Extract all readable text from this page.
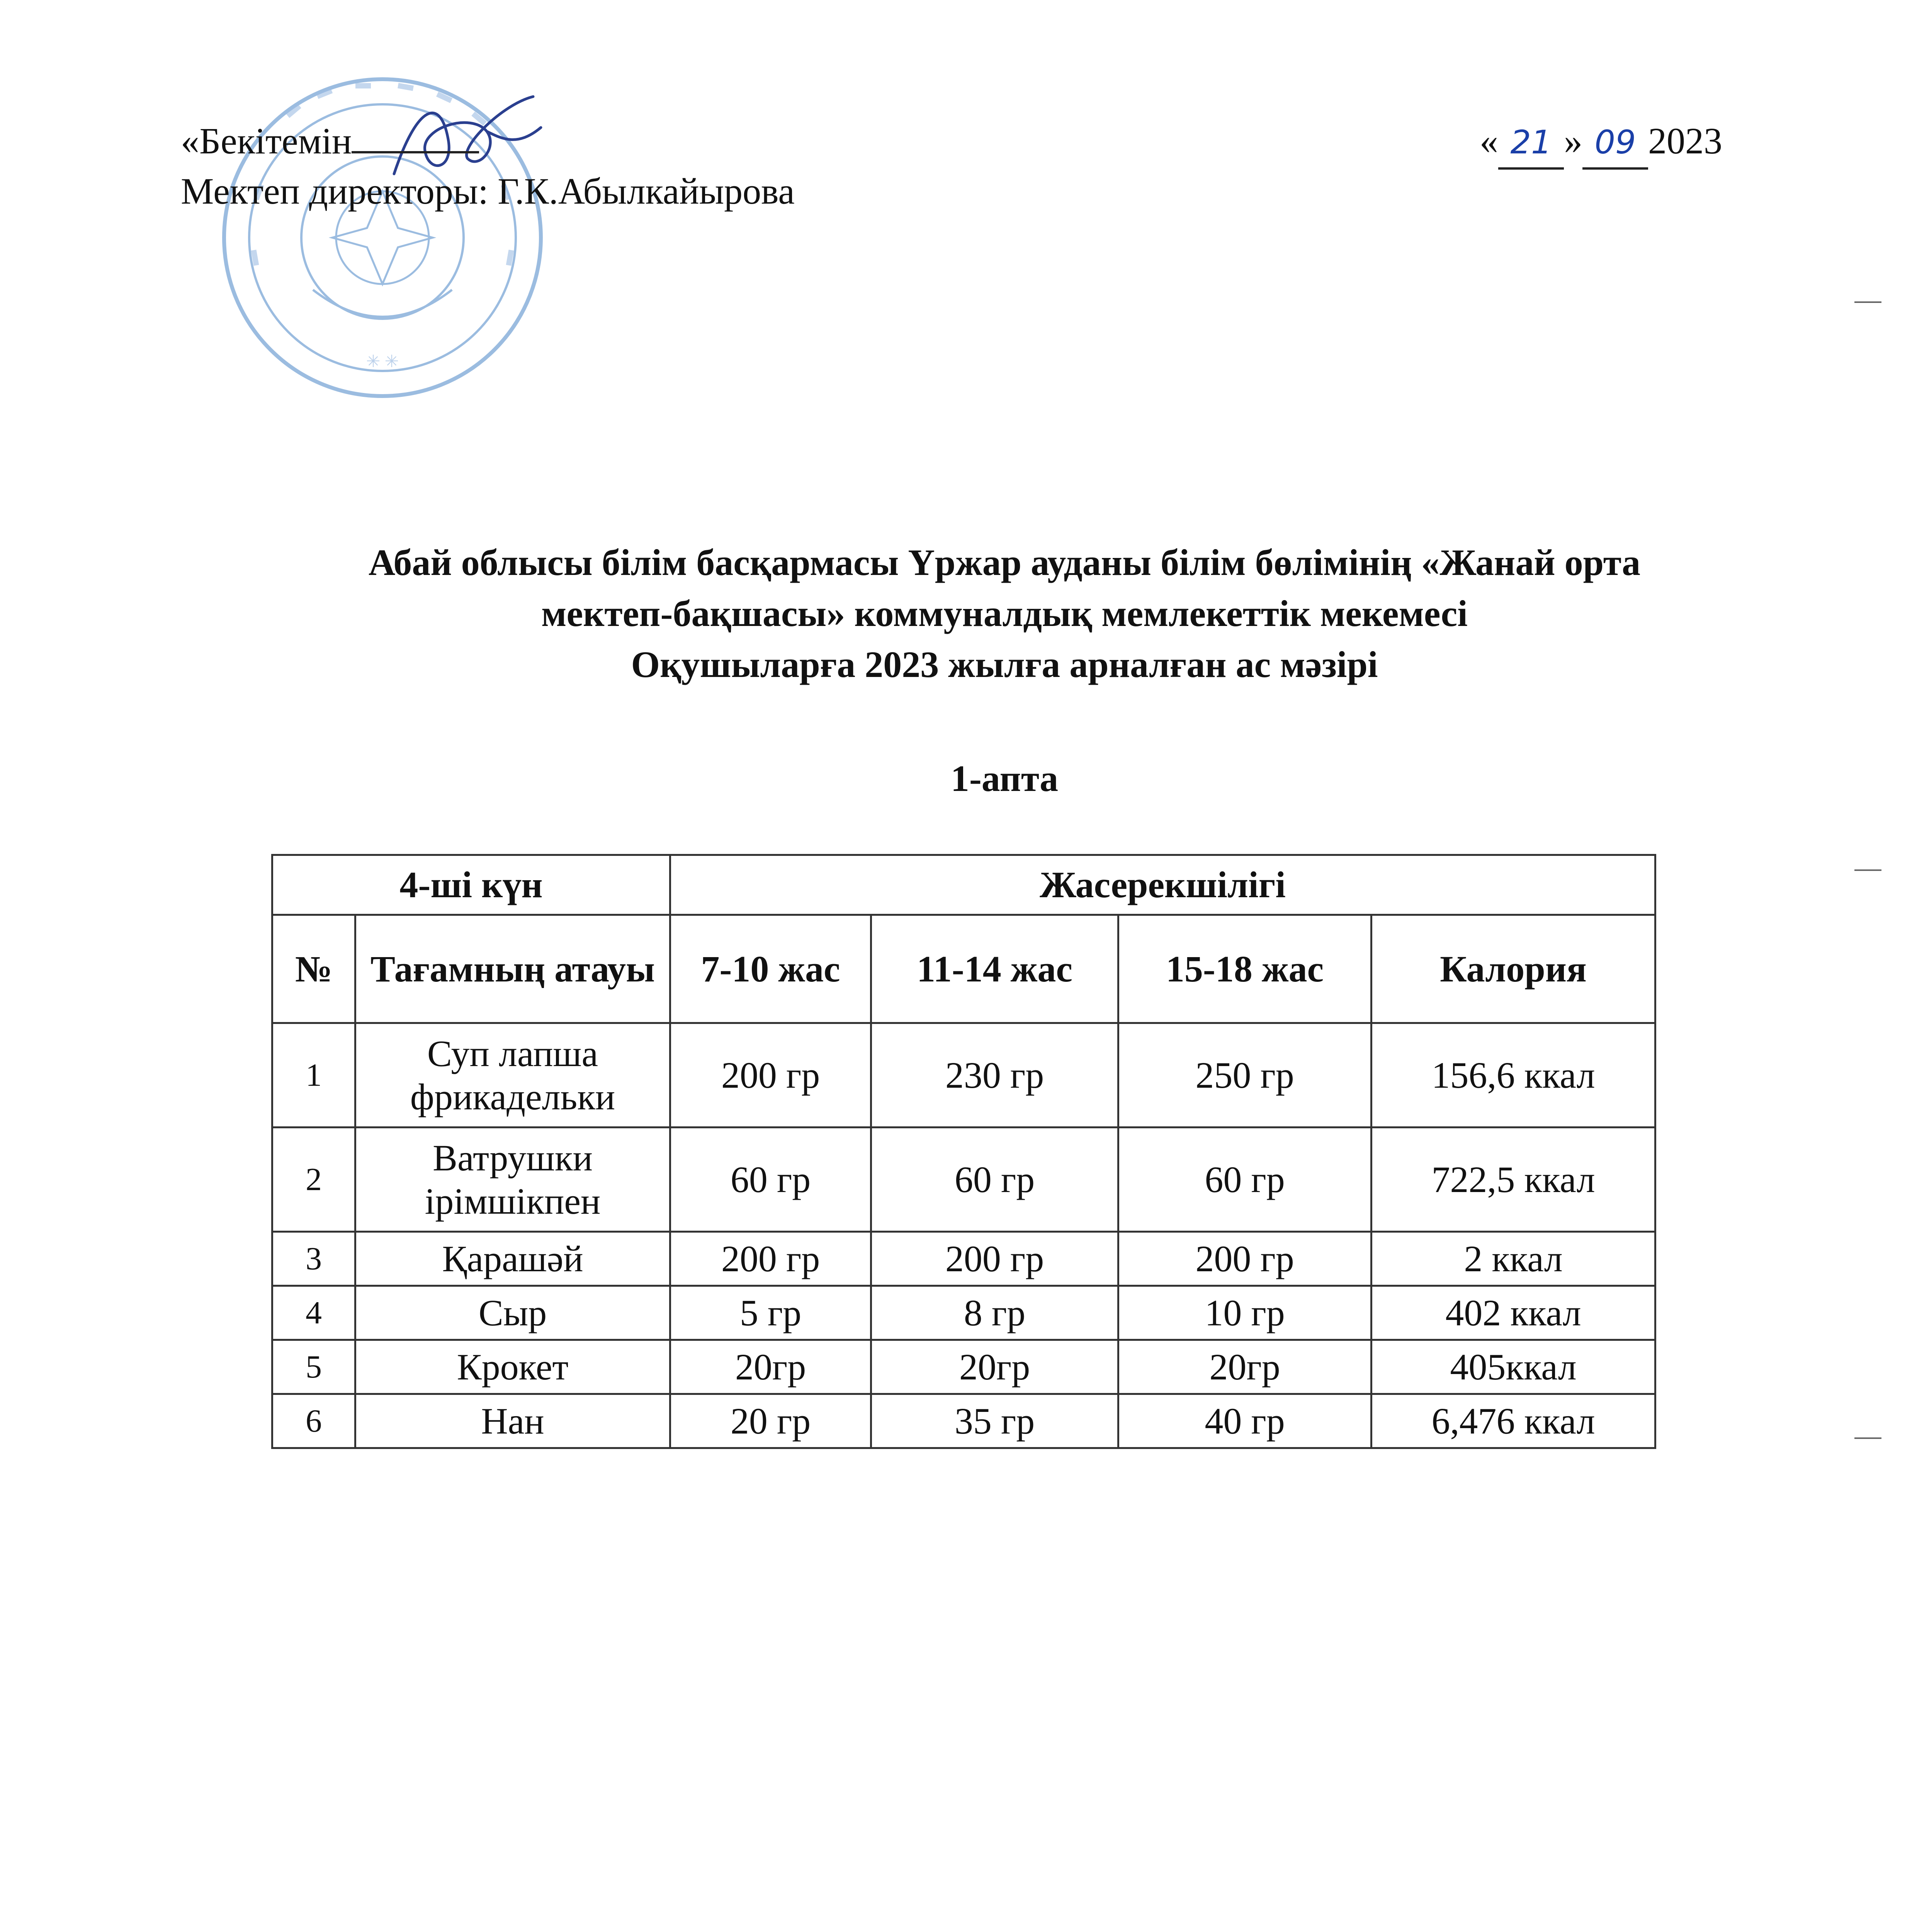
✳ ✳
«Бекітемін
Мектеп директоры: Г.К.Абылкайырова
« 21 » 09 2023
Абай облысы білім басқармасы Үржар ауданы білім бөлімінің «Жанай орта
мектеп-бақшасы» коммуналдық мемлекеттік мекемесі
Оқушыларға 2023 жылға арналған ас мәзірі
1-апта
4-ші күн		Жасерекшілігі			
№	Тағамның атауы	7-10 жас	11-14 жас	15-18 жас	Калория
1	Суп лапша фрикадельки	200 гр	230 гр	250 гр	156,6 ккал
2	Ватрушки ірімшікпен	60 гр	60 гр	60 гр	722,5 ккал
3	Қарашәй	200 гр	200 гр	200 гр	2 ккал
4	Сыр	5 гр	8 гр	10 гр	402 ккал
5	Крокет	20гр	20гр	20гр	405ккал
6	Нан	20 гр	35 гр	40 гр	6,476 ккал
